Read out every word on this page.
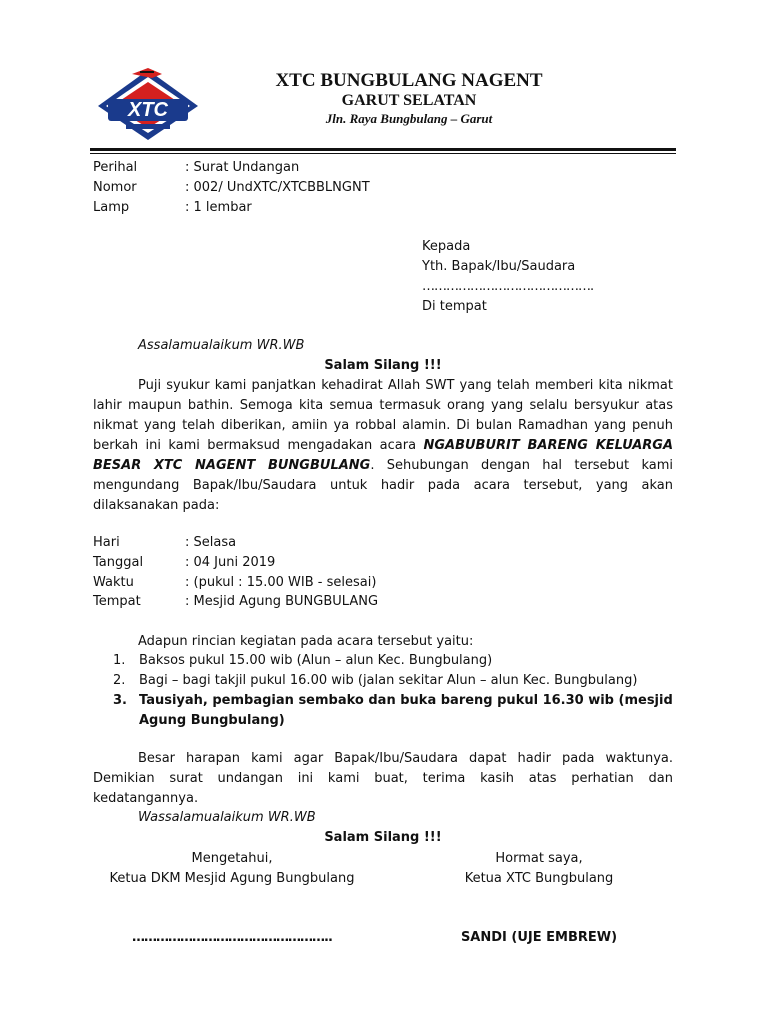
XTC
XTC BUNGBULANG NAGENT
GARUT SELATAN
Jln. Raya Bungbulang – Garut
Perihal	: Surat Undangan
Nomor	: 002/ UndXTC/XTCBBLNGNT
Lamp	: 1 lembar
Kepada
Yth. Bapak/Ibu/Saudara
…………………………………….
Di tempat
Assalamualaikum WR.WB
Salam Silang !!!
Puji syukur kami panjatkan kehadirat Allah SWT yang telah memberi kita nikmat lahir maupun bathin. Semoga kita semua termasuk orang yang selalu bersyukur atas nikmat yang telah diberikan, amiin ya robbal alamin. Di bulan Ramadhan yang penuh berkah ini kami bermaksud mengadakan acara NGABUBURIT BARENG KELUARGA BESAR XTC NAGENT BUNGBULANG. Sehubungan dengan hal tersebut kami mengundang Bapak/Ibu/Saudara untuk hadir pada acara tersebut, yang akan dilaksanakan pada:
Hari	: Selasa
Tanggal	: 04 Juni 2019
Waktu	: (pukul : 15.00 WIB - selesai)
Tempat	: Mesjid Agung BUNGBULANG
Adapun rincian kegiatan pada acara tersebut yaitu:
1. Baksos pukul 15.00 wib (Alun – alun Kec. Bungbulang)
2. Bagi – bagi takjil pukul 16.00 wib (jalan sekitar Alun – alun Kec. Bungbulang)
3. Tausiyah, pembagian sembako dan buka bareng pukul 16.30 wib (mesjid Agung Bungbulang)
Besar harapan kami agar Bapak/Ibu/Saudara dapat hadir pada waktunya. Demikian surat undangan ini kami buat, terima kasih atas perhatian dan kedatangannya.
Wassalamualaikum WR.WB
Salam Silang !!!
Mengetahui,
Ketua DKM Mesjid Agung Bungbulang
…………………………………………..
Hormat saya,
Ketua XTC Bungbulang
SANDI (UJE EMBREW)
